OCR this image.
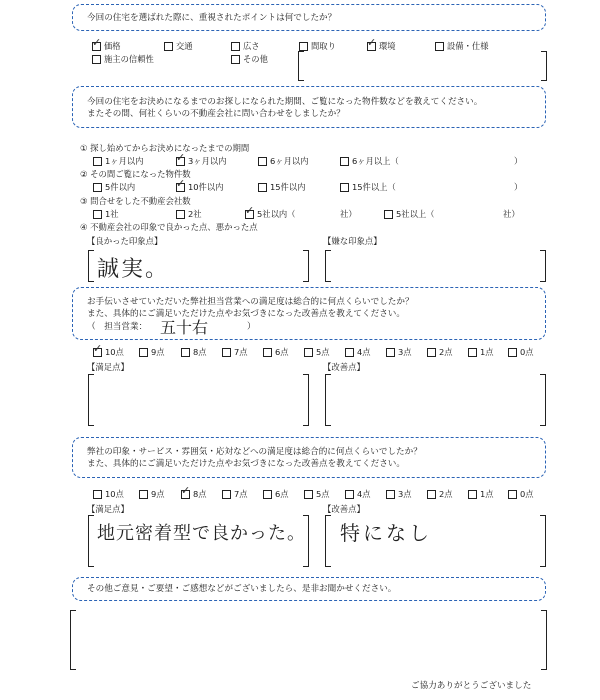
今回の住宅を選ばれた際に、重視されたポイントは何でしたか？
✓ 価格	交通	広さ	間取り	✓ 環境	設備・仕様
施主の信頼性	その他
今回の住宅をお決めになるまでのお探しになられた期間、ご覧になった物件数などを教えてください。
またその間、何社くらいの不動産会社に問い合わせをしましたか？
① 探し始めてからお決めになったまでの期間
1ヶ月以内	✓ 3ヶ月以内	6ヶ月以内	6ヶ月以上（	）
② その間ご覧になった物件数
5件以内	✓ 10件以内	15件以内	15件以上（	）
③ 問合せをした不動産会社数
1社	2社	✓ 5社以内（	社）	5社以上（	社）
④ 不動産会社の印象で良かった点、悪かった点
【良かった印象点】	【嫌な印象点】
誠実。
お手伝いさせていただいた弊社担当営業への満足度は総合的に何点くらいでしたか？
また、具体的にご満足いただけた点やお気づきになった改善点を教えてください。
（　担当営業： 五十右	）
✓ 10点	9点	8点	7点	6点	5点	4点	3点	2点	1点	0点
【満足点】	【改善点】
弊社の印象・サービス・雰囲気・応対などへの満足度は総合的に何点くらいでしたか？
また、具体的にご満足いただけた点やお気づきになった改善点を教えてください。
10点	9点 ✓ 8点	7点	6点	5点	4点	3点	2点	1点	0点
【満足点】	【改善点】
地元密着型で良かった。 特になし
その他ご意見・ご要望・ご感想などがございましたら、是非お聞かせください。
ご協力ありがとうございました
